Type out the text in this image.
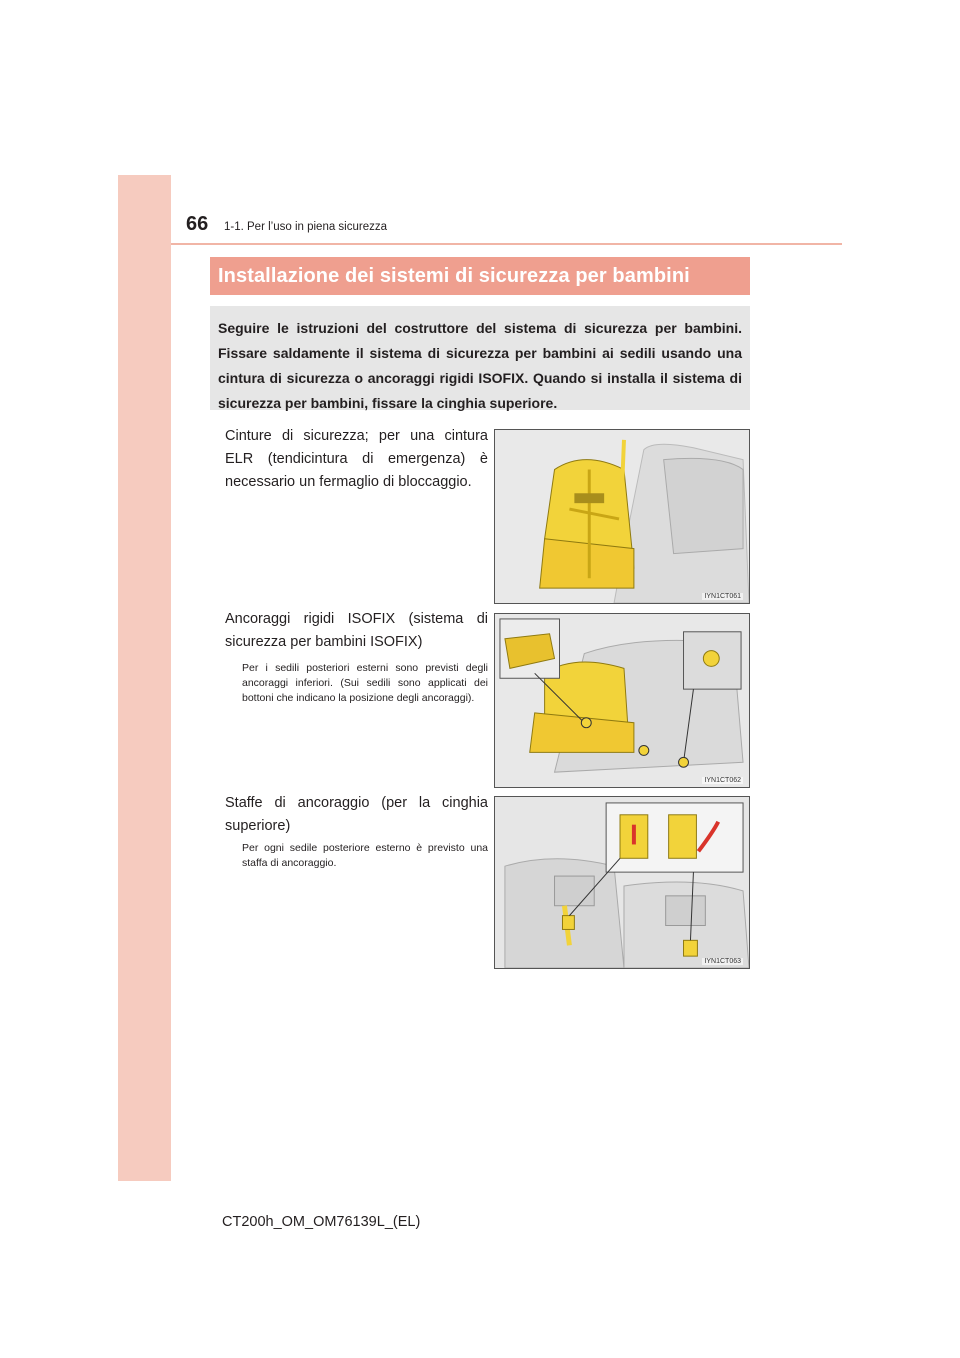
66 1-1. Per l’uso in piena sicurezza
Installazione dei sistemi di sicurezza per bambini

Seguire le istruzioni del costruttore del sistema di sicurezza per bambini. Fissare saldamente il sistema di sicurezza per bambini ai sedili usando una cintura di sicurezza o ancoraggi rigidi ISOFIX. Quando si installa il sistema di sicurezza per bambini, fissare la cinghia superiore.

Cinture di sicurezza; per una cintura ELR (tendicintura di emergenza) è necessario un fermaglio di bloccaggio.

IYN1CT061

Ancoraggi rigidi ISOFIX (sistema di sicurezza per bambini ISOFIX)

Per i sedili posteriori esterni sono previsti degli ancoraggi inferiori. (Sui sedili sono applicati dei bottoni che indicano la posizione degli ancoraggi).

IYN1CT062

Staffe di ancoraggio (per la cinghia superiore)

Per ogni sedile posteriore esterno è previsto una staffa di ancoraggio.

IYN1CT063
CT200h_OM_OM76139L_(EL)
